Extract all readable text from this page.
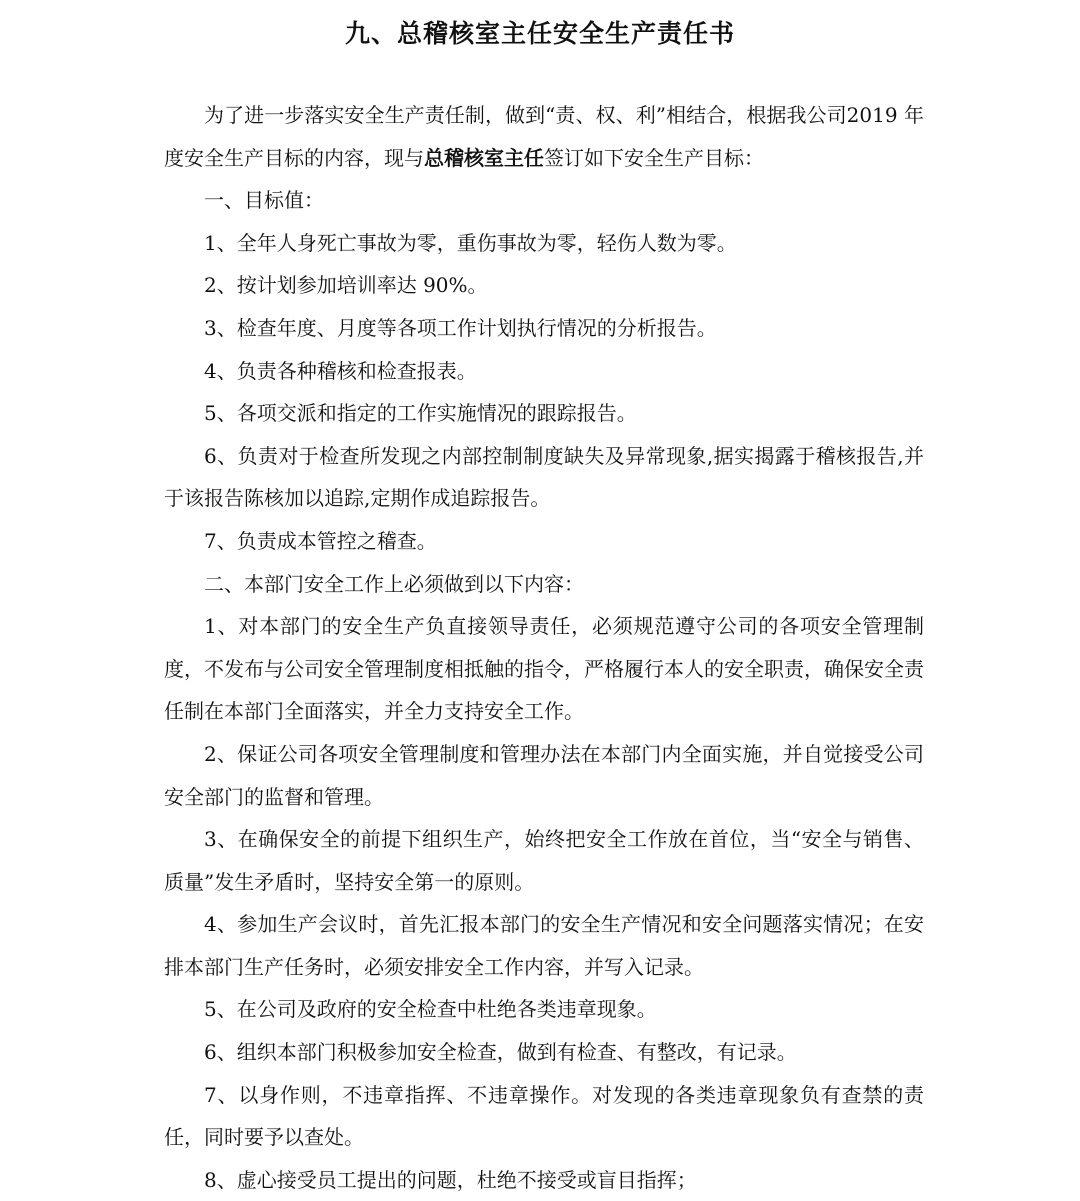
九、总稽核室主任安全生产责任书

为了进一步落实安全生产责任制，做到“责、权、利”相结合，根据我公司2019 年度安全生产目标的内容，现与总稽核室主任签订如下安全生产目标：

一、目标值：

1、全年人身死亡事故为零，重伤事故为零，轻伤人数为零。

2、按计划参加培训率达 90%。

3、检查年度、月度等各项工作计划执行情况的分析报告。

4、负责各种稽核和检查报表。

5、各项交派和指定的工作实施情况的跟踪报告。

6、负责对于检查所发现之内部控制制度缺失及异常现象,据实揭露于稽核报告,并于该报告陈核加以追踪,定期作成追踪报告。

7、负责成本管控之稽查。

二、本部门安全工作上必须做到以下内容：

1、对本部门的安全生产负直接领导责任，必须规范遵守公司的各项安全管理制度，不发布与公司安全管理制度相抵触的指令，严格履行本人的安全职责，确保安全责任制在本部门全面落实，并全力支持安全工作。

2、保证公司各项安全管理制度和管理办法在本部门内全面实施，并自觉接受公司安全部门的监督和管理。

3、在确保安全的前提下组织生产，始终把安全工作放在首位，当“安全与销售、质量”发生矛盾时，坚持安全第一的原则。

4、参加生产会议时，首先汇报本部门的安全生产情况和安全问题落实情况；在安排本部门生产任务时，必须安排安全工作内容，并写入记录。

5、在公司及政府的安全检查中杜绝各类违章现象。

6、组织本部门积极参加安全检查，做到有检查、有整改，有记录。

7、以身作则，不违章指挥、不违章操作。对发现的各类违章现象负有查禁的责任，同时要予以查处。

8、虚心接受员工提出的问题，杜绝不接受或盲目指挥；
